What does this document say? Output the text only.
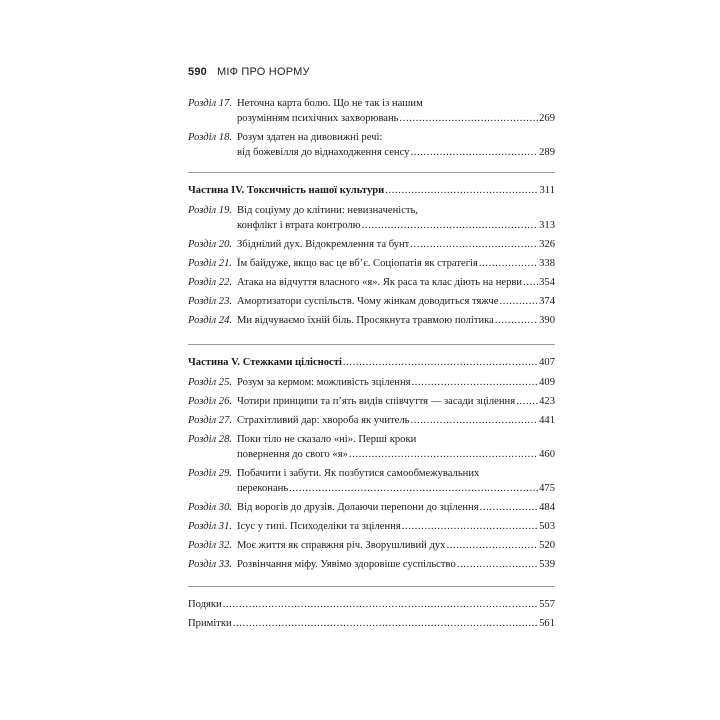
590 МІФ ПРО НОРМУ
Розділ 17. Неточна карта болю. Що не так із нашим
розумінням психічних захворювань .....	269
Розділ 18. Розум здатен на дивовижні речі:
від божевілля до віднаходження сенсу .....	289
Частина IV. Токсичність нашої культури .....	311
Розділ 19. Від соціуму до клітини: невизначеність,
конфлікт і втрата контролю .....	313
Розділ 20. Збіднілий дух. Відокремлення та бунт .....	326
Розділ 21. Їм байдуже, якщо вас це вб’є. Соціопатія як стратегія .....	338
Розділ 22. Атака на відчуття власного «я». Як раса та клас діють на нерви ..... 354
Розділ 23. Амортизатори суспільств. Чому жінкам доводиться тяжче .....	374
Розділ 24. Ми відчуваємо їхній біль. Просякнута травмою політика .....	390
Частина V. Стежками цілісності .....	407
Розділ 25. Розум за кермом: можливість зцілення .....	409
Розділ 26. Чотири принципи та п’ять видів співчуття — засади зцілення ..... 423
Розділ 27. Страхітливий дар: хвороба як учитель .....	441
Розділ 28. Поки тіло не сказало «ні». Перші кроки
повернення до свого «я» .....	460
Розділ 29. Побачити і забути. Як позбутися самообмежувальних
переконань .....	475
Розділ 30. Від ворогів до друзів. Долаючи перепони до зцілення .....	484
Розділ 31. Ісус у типі. Психоделіки та зцілення .....	503
Розділ 32. Моє життя як справжня річ. Зворушливий дух .....	520
Розділ 33. Розвінчання міфу. Уявімо здоровіше суспільство .....	539
Подяки .....	557
Примітки .....	561
